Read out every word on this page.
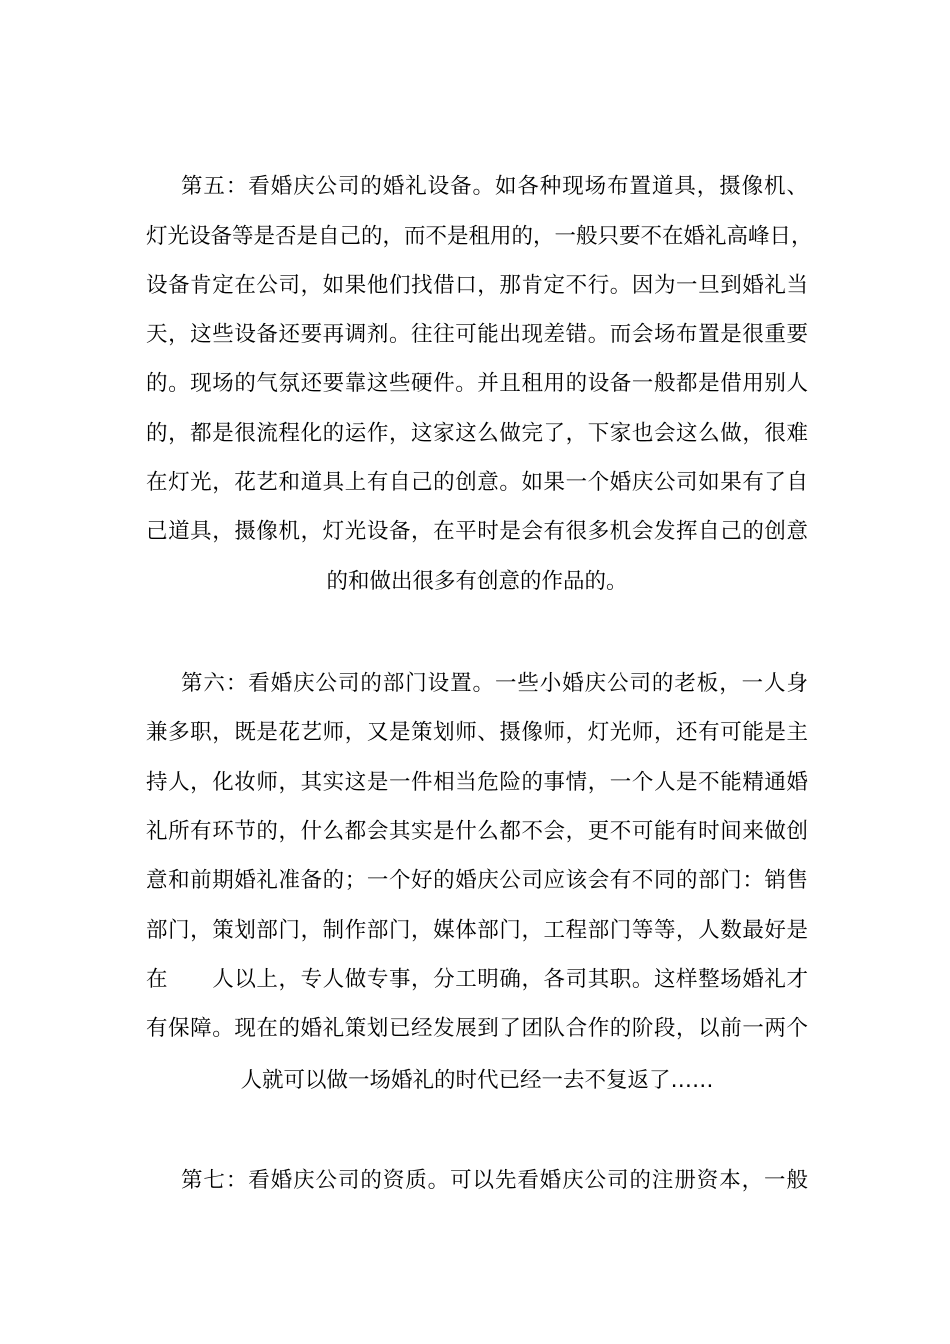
第五：看婚庆公司的婚礼设备。如各种现场布置道具，摄像机、
灯光设备等是否是自己的，而不是租用的，一般只要不在婚礼高峰日，
设备肯定在公司，如果他们找借口，那肯定不行。因为一旦到婚礼当
天，这些设备还要再调剂。往往可能出现差错。而会场布置是很重要
的。现场的气氛还要靠这些硬件。并且租用的设备一般都是借用别人
的，都是很流程化的运作，这家这么做完了，下家也会这么做，很难
在灯光，花艺和道具上有自己的创意。如果一个婚庆公司如果有了自
己道具，摄像机，灯光设备，在平时是会有很多机会发挥自己的创意
的和做出很多有创意的作品的。
第六：看婚庆公司的部门设置。一些小婚庆公司的老板，一人身
兼多职，既是花艺师，又是策划师、摄像师，灯光师，还有可能是主
持人，化妆师，其实这是一件相当危险的事情，一个人是不能精通婚
礼所有环节的，什么都会其实是什么都不会，更不可能有时间来做创
意和前期婚礼准备的；一个好的婚庆公司应该会有不同的部门：销售
部门，策划部门，制作部门，媒体部门，工程部门等等，人数最好是
在　　人以上，专人做专事，分工明确，各司其职。这样整场婚礼才
有保障。现在的婚礼策划已经发展到了团队合作的阶段，以前一两个
人就可以做一场婚礼的时代已经一去不复返了……
第七：看婚庆公司的资质。可以先看婚庆公司的注册资本，一般
